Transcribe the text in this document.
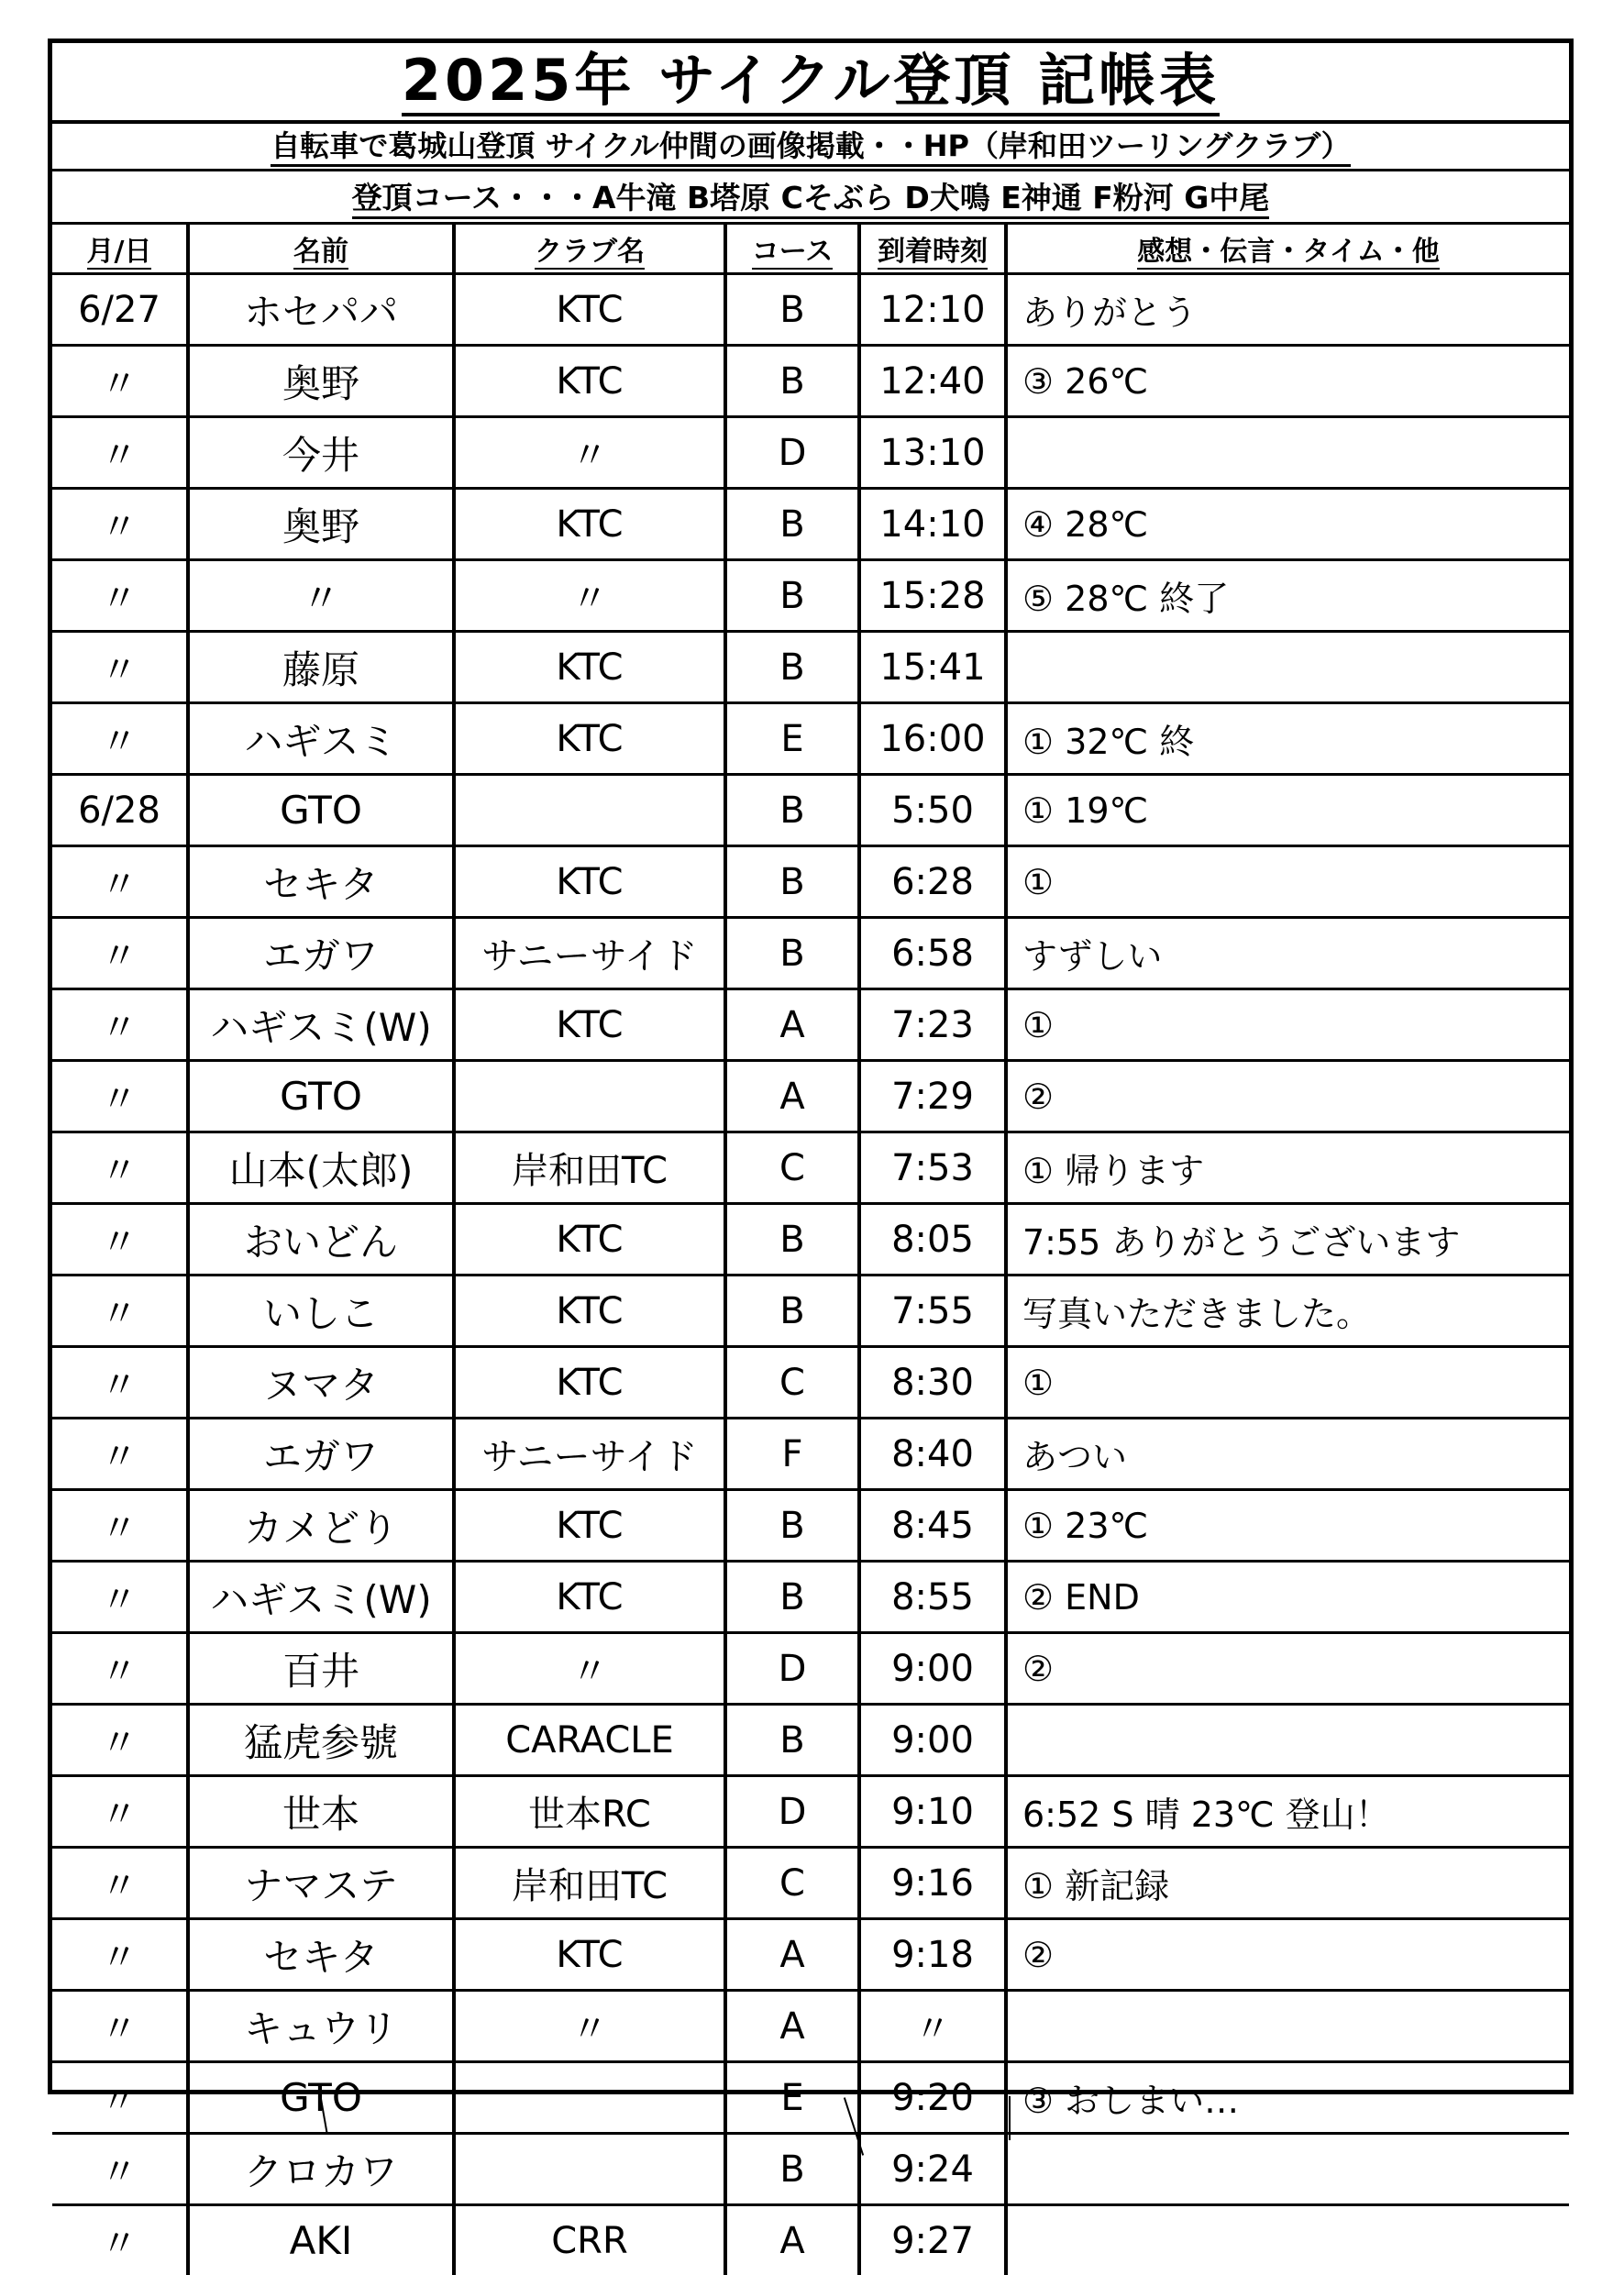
2025年 サイクル登頂 記帳表
自転車で葛城山登頂 サイクル仲間の画像掲載・・HP（岸和田ツーリングクラブ）
登頂コース・・・A牛滝 B塔原 Cそぶら D犬鳴 E神通 F粉河 G中尾
月/日	名前	クラブ名	コース	到着時刻	感想・伝言・タイム・他
6/27	ホセパパ	KTC	B	12:10	ありがとう
〃	奥野	KTC	B	12:40	③ 26℃
〃	今井	〃	D	13:10	
〃	奥野	KTC	B	14:10	④ 28℃
〃	〃	〃	B	15:28	⑤ 28℃ 終了
〃	藤原	KTC	B	15:41	
〃	ハギスミ	KTC	E	16:00	① 32℃ 終
6/28	GTO		B	5:50	① 19℃
〃	セキタ	KTC	B	6:28	①
〃	エガワ	サニーサイド	B	6:58	すずしい
〃	ハギスミ(W)	KTC	A	7:23	①
〃	GTO		A	7:29	②
〃	山本(太郎)	岸和田TC	C	7:53	① 帰ります
〃	おいどん	KTC	B	8:05	7:55 ありがとうございます
〃	いしこ	KTC	B	7:55	写真いただきました。
〃	ヌマタ	KTC	C	8:30	①
〃	エガワ	サニーサイド	F	8:40	あつい
〃	カメどり	KTC	B	8:45	① 23℃
〃	ハギスミ(W)	KTC	B	8:55	② END
〃	百井	〃	D	9:00	②
〃	猛虎参號	CARACLE	B	9:00	
〃	世本	世本RC	D	9:10	6:52 S 晴 23℃ 登山！
〃	ナマステ	岸和田TC	C	9:16	① 新記録
〃	セキタ	KTC	A	9:18	②
〃	キュウリ	〃	A	〃	
〃	GTO		E	9:20	③ おしまい…
〃	クロカワ		B	9:24	
〃	AKI	CRR	A	9:27	
